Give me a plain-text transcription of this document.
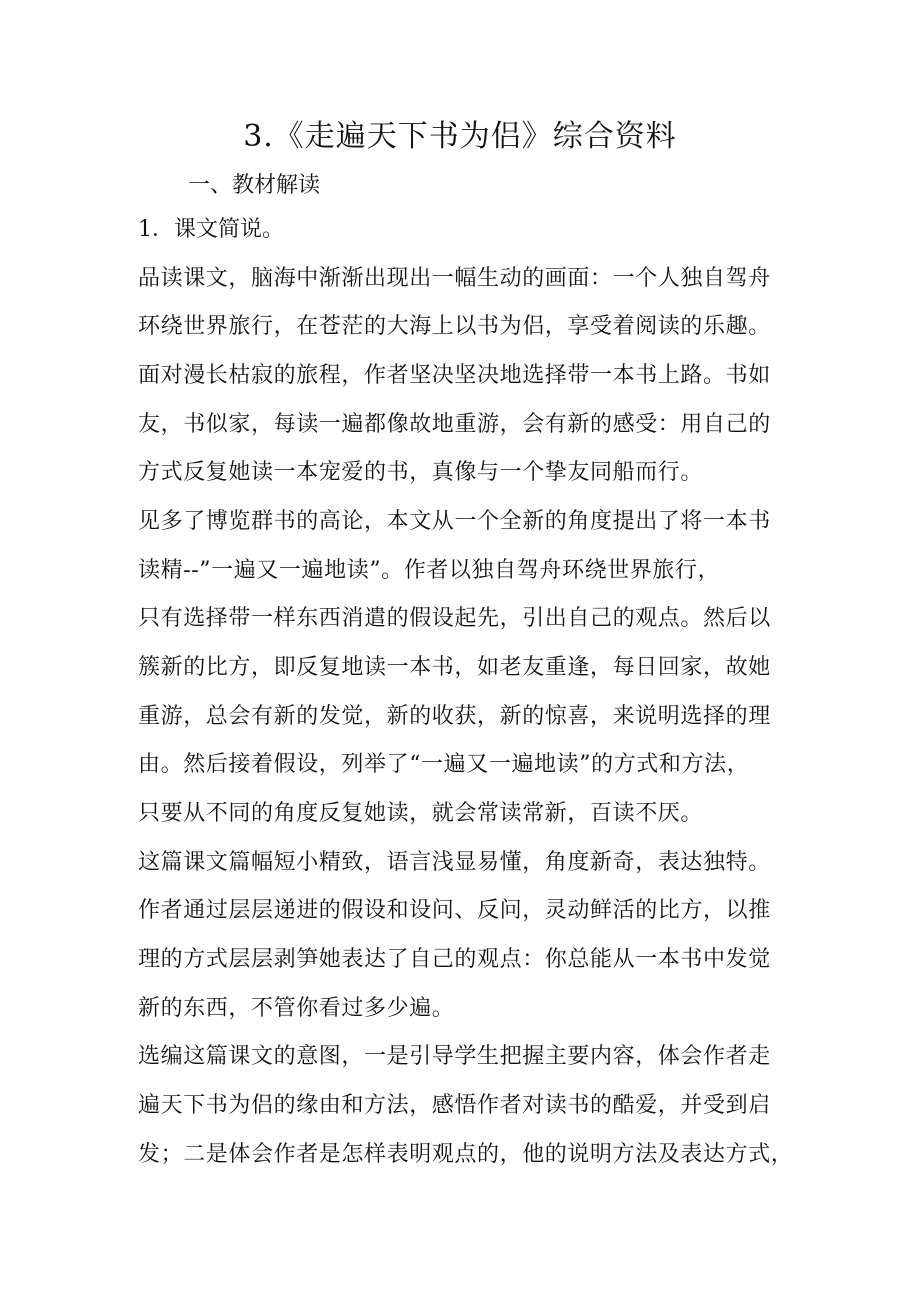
3.《走遍天下书为侣》综合资料
一、教材解读
1．课文简说。
品读课文，脑海中渐渐出现出一幅生动的画面：一个人独自驾舟
环绕世界旅行，在苍茫的大海上以书为侣，享受着阅读的乐趣。
面对漫长枯寂的旅程，作者坚决坚决地选择带一本书上路。书如
友，书似家，每读一遍都像故地重游，会有新的感受：用自己的
方式反复她读一本宠爱的书，真像与一个挚友同船而行。
见多了博览群书的高论，本文从一个全新的角度提出了将一本书
读精--”一遍又一遍地读”。作者以独自驾舟环绕世界旅行，
只有选择带一样东西消遣的假设起先，引出自己的观点。然后以
簇新的比方，即反复地读一本书，如老友重逢，每日回家，故她
重游，总会有新的发觉，新的收获，新的惊喜，来说明选择的理
由。然后接着假设，列举了“一遍又一遍地读”的方式和方法，
只要从不同的角度反复她读，就会常读常新，百读不厌。
这篇课文篇幅短小精致，语言浅显易懂，角度新奇，表达独特。
作者通过层层递进的假设和设问、反问，灵动鲜活的比方，以推
理的方式层层剥笋她表达了自己的观点：你总能从一本书中发觉
新的东西，不管你看过多少遍。
选编这篇课文的意图，一是引导学生把握主要内容，体会作者走
遍天下书为侣的缘由和方法，感悟作者对读书的酷爱，并受到启
发；二是体会作者是怎样表明观点的，他的说明方法及表达方式，
